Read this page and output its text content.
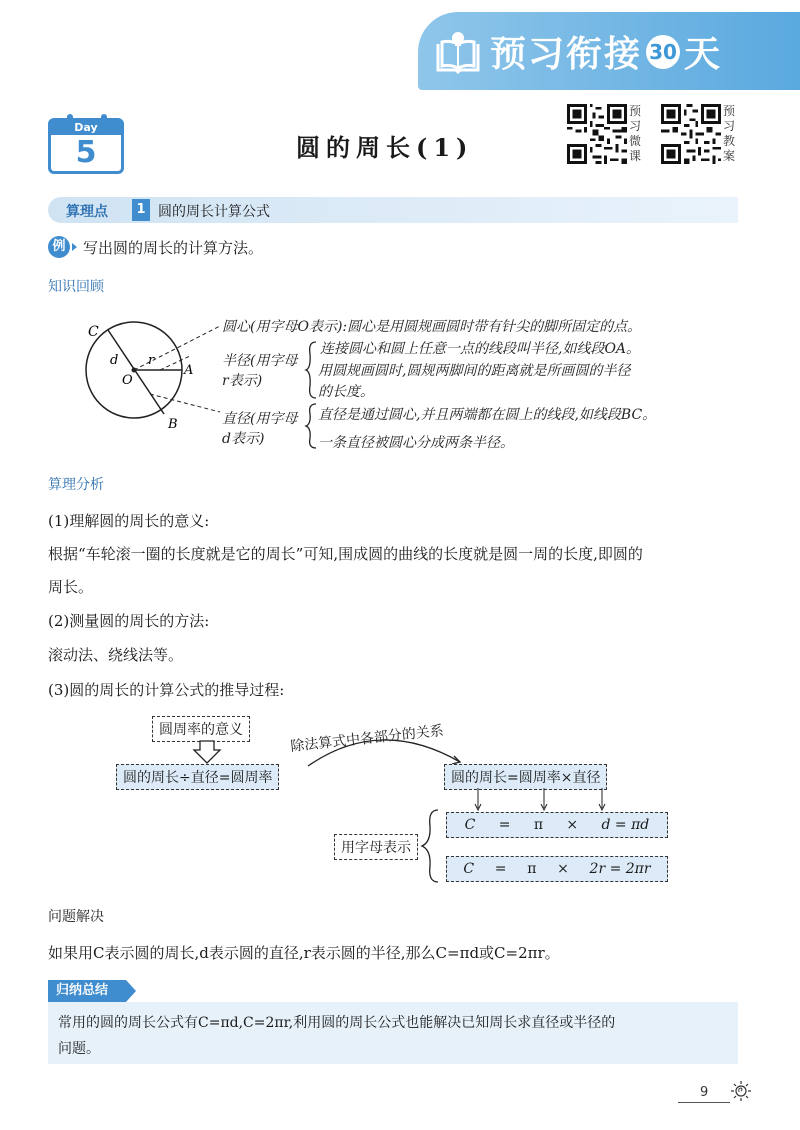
预习衔接 30 天
Day
5	圆的周长(1)
预习微课
预习教案
算理点	1 圆的周长计算公式
例	写出圆的周长的计算方法。
知识回顾
C
d r
O
A
B
圆心(用字母O表示):圆心是用圆规画圆时带有针尖的脚所固定的点。
半径(用字母
r表示)
连接圆心和圆上任意一点的线段叫半径,如线段OA。
用圆规画圆时,圆规两脚间的距离就是所画圆的半径
的长度。
直径(用字母
d表示)
直径是通过圆心,并且两端都在圆上的线段,如线段BC。
一条直径被圆心分成两条半径。
算理分析
(1)理解圆的周长的意义:
根据“车轮滚一圈的长度就是它的周长”可知,围成圆的曲线的长度就是圆一周的长度,即圆的
周长。
(2)测量圆的周长的方法:
滚动法、绕线法等。
(3)圆的周长的计算公式的推导过程:
圆周率的意义	除法算式中各部分的关系
圆的周长÷直径=圆周率	圆的周长=圆周率×直径
用字母表示
C = π × d = πd
C = π × 2r = 2πr
问题解决
如果用C表示圆的周长,d表示圆的直径,r表示圆的半径,那么C=πd或C=2πr。
归纳总结
常用的圆的周长公式有C=πd,C=2πr,利用圆的周长公式也能解决已知周长求直径或半径的
问题。
9
